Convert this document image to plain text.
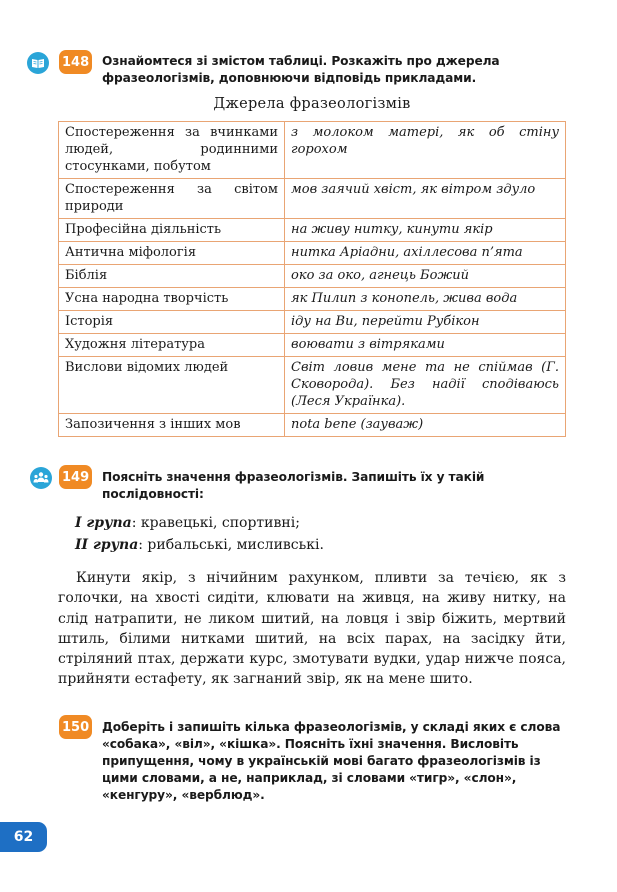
148 Ознайомтеся зі змістом таблиці. Розкажіть про джерела фразеологізмів, доповнюючи відповідь прикладами.
Джерела фразеологізмів
Спостереження за вчинками людей, родинними стосунками, побутом	з молоком матері, як об стіну горохом
Спостереження за світом природи	мов заячий хвіст, як вітром здуло
Професійна діяльність	на живу нитку, кинути якір
Антична міфологія	нитка Аріадни, ахіллесова п’ята
Біблія	око за око, агнець Божий
Усна народна творчість	як Пилип з конопель, жива вода
Історія	іду на Ви, перейти Рубікон
Художня література	воювати з вітряками
Вислови відомих людей	Світ ловив мене та не спіймав (Г. Сковорода). Без надії сподіваюсь (Леся Українка).
Запозичення з інших мов	nota bene (зауваж)
149 Поясніть значення фразеологізмів. Запишіть їх у такій послідовності:
І група: кравецькі, спортивні;
ІІ група: рибальські, мисливські.
Кинути якір, з нічийним рахунком, пливти за течією, як з голочки, на хвості сидіти, клювати на живця, на живу нитку, на слід натрапити, не ликом шитий, на ловця і звір біжить, мертвий штиль, білими нитками шитий, на всіх парах, на засідку йти, стріляний птах, держати курс, змотувати вудки, удар нижче пояса, прийняти естафету, як загнаний звір, як на мене шито.
150 Доберіть і запишіть кілька фразеологізмів, у складі яких є слова «собака», «віл», «кішка». Поясніть їхні значення. Висловіть припущення, чому в українській мові багато фразеологізмів із цими словами, а не, наприклад, зі словами «тигр», «слон», «кенгуру», «верблюд».
62
